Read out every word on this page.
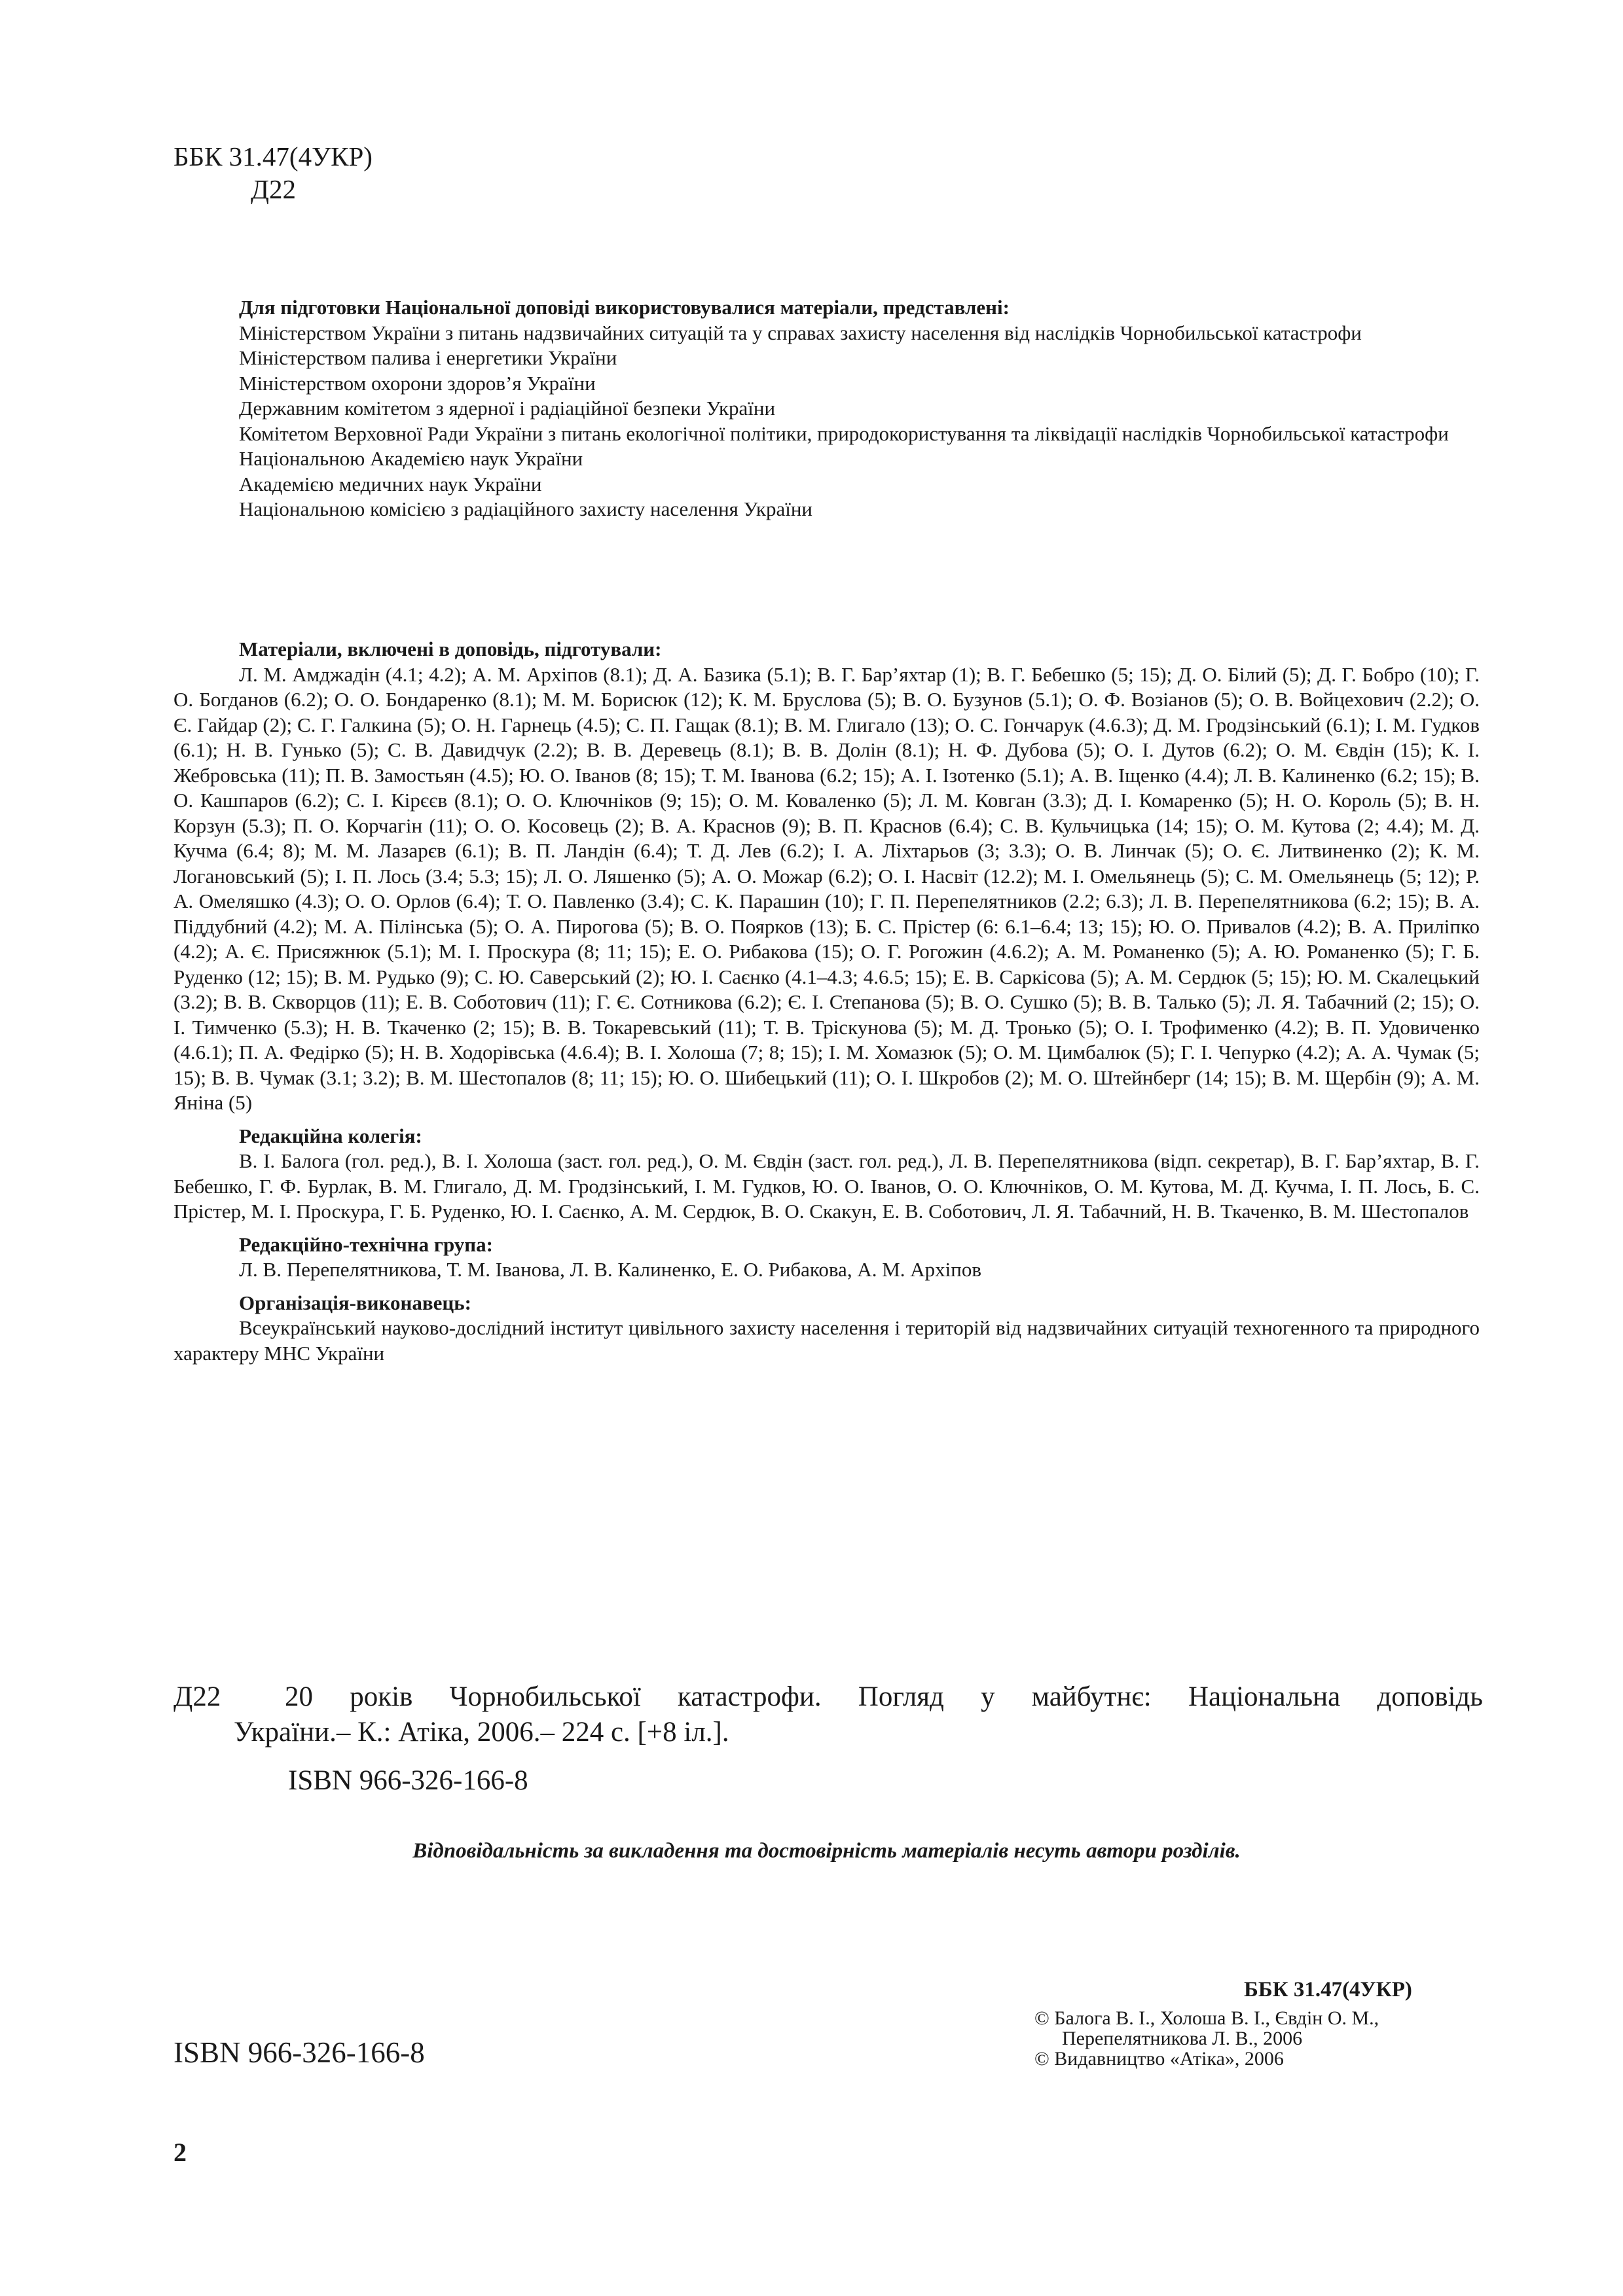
ББК 31.47(4УКР)
Д22
Для підготовки Національної доповіді використовувалися матеріали, представлені:
Міністерством України з питань надзвичайних ситуацій та у справах захисту населення від наслідків Чорнобильської катастрофи
Міністерством палива і енергетики України
Міністерством охорони здоров’я України
Державним комітетом з ядерної і радіаційної безпеки України
Комітетом Верховної Ради України з питань екологічної політики, природокористування та ліквідації наслідків Чорнобильської катастрофи
Національною Академією наук України
Академією медичних наук України
Національною комісією з радіаційного захисту населення України
Матеріали, включені в доповідь, підготували:
Л. М. Амджадін (4.1; 4.2); А. М. Архіпов (8.1); Д. А. Базика (5.1); В. Г. Бар’яхтар (1); В. Г. Бебешко (5; 15); Д. О. Білий (5); Д. Г. Бобро (10); Г. О. Богданов (6.2); О. О. Бондаренко (8.1); М. М. Борисюк (12); К. М. Бруслова (5); В. О. Бузунов (5.1); О. Ф. Возіанов (5); О. В. Войцехович (2.2); О. Є. Гайдар (2); С. Г. Галкина (5); О. Н. Гарнець (4.5); С. П. Гащак (8.1); В. М. Глигало (13); О. С. Гончарук (4.6.3); Д. М. Гродзінський (6.1); І. М. Гудков (6.1); Н. В. Гунько (5); С. В. Давидчук (2.2); В. В. Деревець (8.1); В. В. Долін (8.1); Н. Ф. Дубова (5); О. І. Дутов (6.2); О. М. Євдін (15); К. І. Жебровська (11); П. В. Замостьян (4.5); Ю. О. Іванов (8; 15); Т. М. Іванова (6.2; 15); А. І. Ізотенко (5.1); А. В. Іщенко (4.4); Л. В. Калиненко (6.2; 15); В. О. Кашпаров (6.2); С. І. Кірєєв (8.1); О. О. Ключніков (9; 15); О. М. Коваленко (5); Л. М. Ковган (3.3); Д. І. Комаренко (5); Н. О. Король (5); В. Н. Корзун (5.3); П. О. Корчагін (11); О. О. Косовець (2); В. А. Краснов (9); В. П. Краснов (6.4); С. В. Кульчицька (14; 15); О. М. Кутова (2; 4.4); М. Д. Кучма (6.4; 8); М. М. Лазарєв (6.1); В. П. Ландін (6.4); Т. Д. Лев (6.2); І. А. Ліхтарьов (3; 3.3); О. В. Линчак (5); О. Є. Литвиненко (2); К. М. Логановський (5); І. П. Лось (3.4; 5.3; 15); Л. О. Ляшенко (5); А. О. Можар (6.2); О. І. Насвіт (12.2); М. І. Омельянець (5); С. М. Омельянець (5; 12); Р. А. Омеляшко (4.3); О. О. Орлов (6.4); Т. О. Павленко (3.4); С. К. Парашин (10); Г. П. Перепелятников (2.2; 6.3); Л. В. Перепелятникова (6.2; 15); В. А. Піддубний (4.2); М. А. Пілінська (5); О. А. Пирогова (5); В. О. Поярков (13); Б. С. Прістер (6: 6.1–6.4; 13; 15); Ю. О. Привалов (4.2); В. А. Приліпко (4.2); А. Є. Присяжнюк (5.1); М. І. Проскура (8; 11; 15); Е. О. Рибакова (15); О. Г. Рогожин (4.6.2); А. М. Романенко (5); А. Ю. Романенко (5); Г. Б. Руденко (12; 15); В. М. Рудько (9); С. Ю. Саверський (2); Ю. І. Саєнко (4.1–4.3; 4.6.5; 15); Е. В. Саркісова (5); А. М. Сердюк (5; 15); Ю. М. Скалецький (3.2); В. В. Скворцов (11); Е. В. Соботович (11); Г. Є. Сотникова (6.2); Є. І. Степанова (5); В. О. Сушко (5); В. В. Талько (5); Л. Я. Табачний (2; 15); О. І. Тимченко (5.3); Н. В. Ткаченко (2; 15); В. В. Токаревський (11); Т. В. Тріскунова (5); М. Д. Троњко (5); О. І. Трофименко (4.2); В. П. Удовиченко (4.6.1); П. А. Федірко (5); Н. В. Ходорівська (4.6.4); В. І. Холоша (7; 8; 15); І. М. Хомазюк (5); О. М. Цимбалюк (5); Г. І. Чепурко (4.2); А. А. Чумак (5; 15); В. В. Чумак (3.1; 3.2); В. М. Шестопалов (8; 11; 15); Ю. О. Шибецький (11); О. І. Шкробов (2); М. О. Штейнберг (14; 15); В. М. Щербін (9); А. М. Яніна (5)
Редакційна колегія:
В. І. Балога (гол. ред.), В. І. Холоша (заст. гол. ред.), О. М. Євдін (заст. гол. ред.), Л. В. Перепелятникова (відп. секретар), В. Г. Бар’яхтар, В. Г. Бебешко, Г. Ф. Бурлак, В. М. Глигало, Д. М. Гродзінський, І. М. Гудков, Ю. О. Іванов, О. О. Ключніков, О. М. Кутова, М. Д. Кучма, І. П. Лось, Б. С. Прістер, М. І. Проскура, Г. Б. Руденко, Ю. І. Саєнко, А. М. Сердюк, В. О. Скакун, Е. В. Соботович, Л. Я. Табачний, Н. В. Ткаченко, В. М. Шестопалов
Редакційно-технічна група:
Л. В. Перепелятникова, Т. М. Іванова, Л. В. Калиненко, Е. О. Рибакова, А. М. Архіпов
Організація-виконавець:
Всеукраїнський науково-дослідний інститут цивільного захисту населення і територій від надзвичайних ситуацій техногенного та природного характеру МНС України
Д22	20 років Чорнобильської катастрофи. Погляд у майбутнє: Національна доповідь
України.– К.: Атіка, 2006.– 224 с. [+8 іл.].
ISBN 966-326-166-8
Відповідальність за викладення та достовірність матеріалів несуть автори розділів.
ББК 31.47(4УКР)
ISBN 966-326-166-8
© Балога В. І., Холоша В. І., Євдін О. М.,
Перепелятникова Л. В., 2006
© Видавництво «Атіка», 2006
2
